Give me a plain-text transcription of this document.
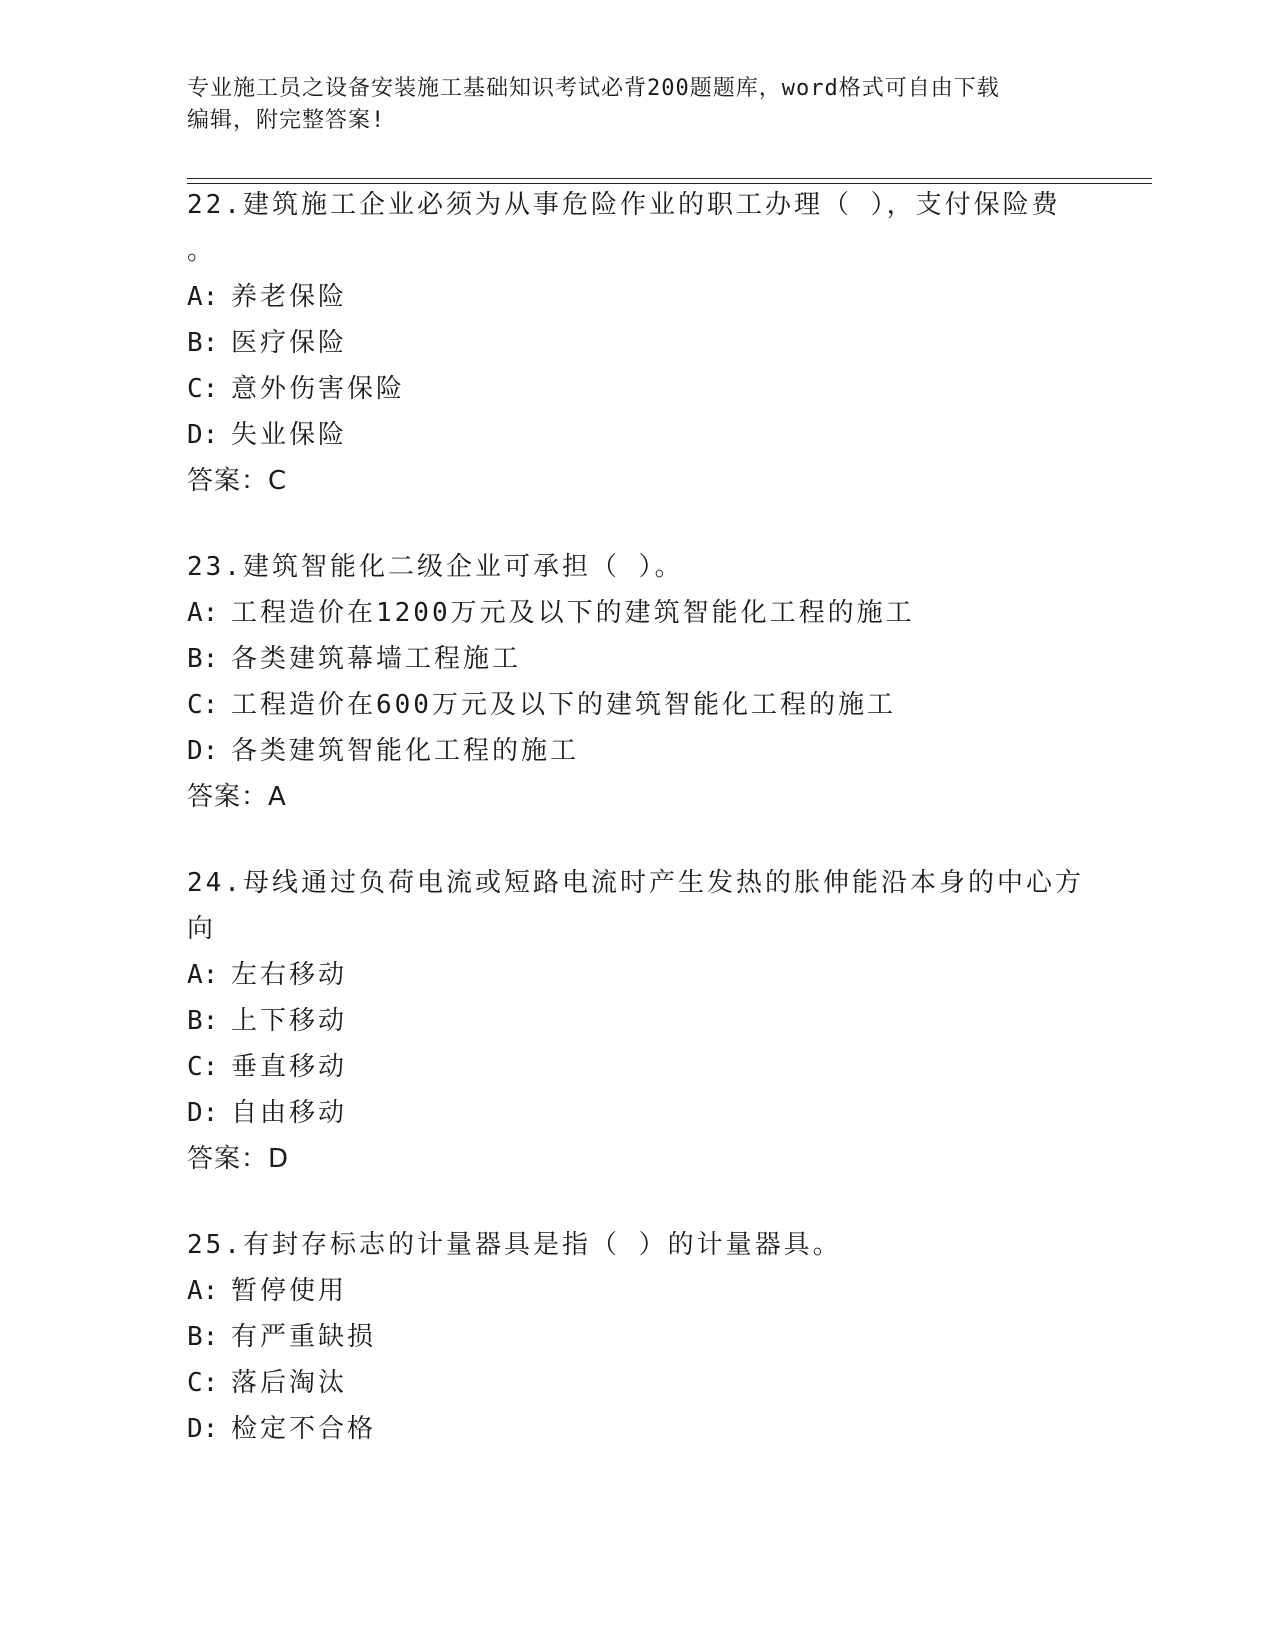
专业施工员之设备安装施工基础知识考试必背200题题库，word格式可自由下载
编辑，附完整答案!

22.建筑施工企业必须为从事危险作业的职工办理（ ），支付保险费

。

A: 养老保险

B: 医疗保险

C: 意外伤害保险

D: 失业保险

答案：C

23.建筑智能化二级企业可承担（ ）。

A: 工程造价在1200万元及以下的建筑智能化工程的施工

B: 各类建筑幕墙工程施工

C: 工程造价在600万元及以下的建筑智能化工程的施工

D: 各类建筑智能化工程的施工

答案：A

24.母线通过负荷电流或短路电流时产生发热的胀伸能沿本身的中心方

向

A: 左右移动

B: 上下移动

C: 垂直移动

D: 自由移动

答案：D

25.有封存标志的计量器具是指（ ）的计量器具。

A: 暂停使用

B: 有严重缺损

C: 落后淘汰

D: 检定不合格
